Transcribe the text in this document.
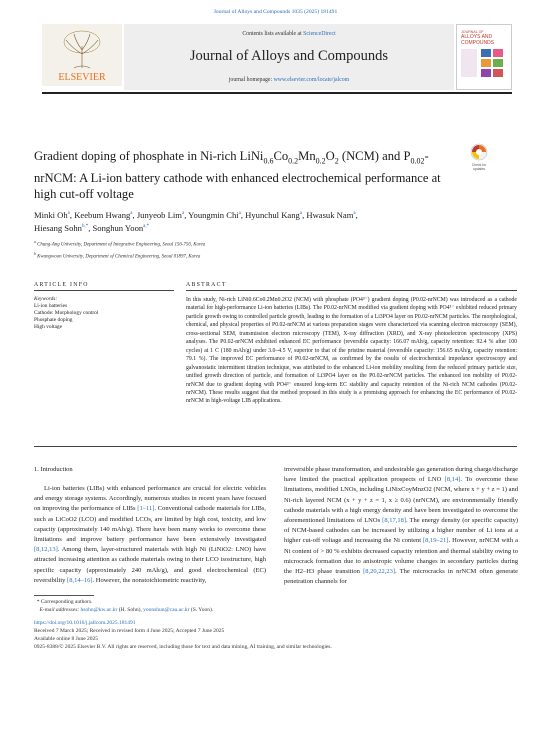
Journal of Alloys and Compounds 1035 (2025) 181491
ELSEVIER
Contents lists available at ScienceDirect
Journal of Alloys and Compounds
journal homepage: www.elsevier.com/locate/jalcom
JOURNAL OF
ALLOYS AND
COMPOUNDS
Gradient doping of phosphate in Ni-rich $LiNi_{0.6}Co_{0.2}Mn_{0.2}O_2$ (NCM) and $P_{0.02}$-nrNCM: A Li-ion battery cathode with enhanced electrochemical performance at high cut-off voltage
Check for
updates
Minki Oh$^a$, Keebum Hwang$^a$, Junyeob Lim$^a$, Youngmin Chi$^a$, Hyunchul Kang$^a$, Hwasuk Nam$^a$,
Hiesang Sohn$^{b,*}$, Songhun Yoon$^{a,*}$
$^a$ Chung-Ang University, Department of Integrative Engineering, Seoul 156-756, Korea
$^b$ Kwangwoon University, Department of Chemical Engineering, Seoul 01897, Korea
ARTICLE INFO	ABSTRACT
Keywords:
Li-ion batteries
Cathode: Morphology control
Phosphate doping
High voltage
In this study, Ni-rich LiNi0.6Co0.2Mn0.2O2 (NCM) with phosphate (PO4³⁻) gradient doping (P0.02-nrNCM) was introduced as a cathode material for high-performance Li-ion batteries (LIBs). The P0.02-nrNCM modified via gradient doping with PO4³⁻ exhibited reduced primary particle growth owing to controlled particle growth, leading to the formation of a Li3PO4 layer on P0.02-nrNCM particles. The morphological, chemical, and physical properties of P0.02-nrNCM at various preparation stages were characterized via scanning electron microscopy (SEM), cross-sectional SEM, transmission electron microscopy (TEM), X-ray diffraction (XRD), and X-ray photoelectron spectroscopy (XPS) analyses. The P0.02-nrNCM exhibited enhanced EC performance (reversible capacity: 166.07 mAh/g, capacity retention: 92.4 % after 100 cycles) at 1 C (180 mAh/g) under 3.0–4.5 V, superior to that of the pristine material (reversible capacity: 156.65 mAh/g, capacity retention: 79.1 %). The improved EC performance of P0.02-nrNCM, as confirmed by the results of electrochemical impedance spectroscopy and galvanostatic intermittent titration technique, was attributed to the enhanced Li-ion mobility resulting from the reduced primary particle size, unified growth direction of particle, and formation of Li3PO4 layer on the P0.02-nrNCM particles. The enhanced ion mobility of P0.02-nrNCM due to gradient doping with PO4³⁻ ensured long-term EC stability and capacity retention of the Ni-rich NCM cathodes (P0.02-nrNCM). These results suggest that the method proposed in this study is a promising approach for enhancing the EC performance of P0.02-nrNCM in high-voltage LIB applications.
1. Introduction
Li-ion batteries (LIBs) with enhanced performance are crucial for electric vehicles and energy storage systems. Accordingly, numerous studies in recent years have focused on improving the performance of LIBs [1–11]. Conventional cathode materials for LIBs, such as LiCoO2 (LCO) and modified LCOs, are limited by high cost, toxicity, and low capacity (approximately 140 mAh/g). There have been many works to overcome these limitations and improve battery performance have been extensively investigated [8,12,13]. Among them, layer-structured materials with high Ni (LiNiO2: LNO) have attracted increasing attention as cathode materials owing to their LCO isostructure, high specific capacity (approximately 240 mAh/g), and good electrochemical (EC) reversibility [8,14–16]. However, the nonstoichiometric reactivity,
irreversible phase transformation, and undesirable gas generation during charge/discharge have limited the practical application prospects of LNO [8,14]. To overcome these limitations, modified LNOs, including LiNixCoyMnzO2 (NCM, where x + y + z = 1) and Ni-rich layered NCM (x + y + z = 1, x ≥ 0.6) (nrNCM), are environmentally friendly cathode materials with a high energy density and have been investigated to overcome the aforementioned limitations of LNOs [8,17,18]. The energy density (or specific capacity) of NCM-based cathodes can be increased by utilizing a higher number of Li ions at a higher cut-off voltage and increasing the Ni content [8,19–21]. However, nrNCM with a Ni content of > 80 % exhibits decreased capacity retention and thermal stability owing to microcrack formation due to anisotropic volume changes in secondary particles during the H2–H3 phase transition [8,20,22,23]. The microcracks in nrNCM often generate penetration channels for
* Corresponding authors.
E-mail addresses: hsohn@kw.ac.kr (H. Sohn), yoonshun@cau.ac.kr (S. Yoon).
https://doi.org/10.1016/j.jallcom.2025.181491
Received 7 March 2025; Received in revised form 4 June 2025; Accepted 7 June 2025
Available online 8 June 2025
0925-8388/© 2025 Elsevier B.V. All rights are reserved, including those for text and data mining, AI training, and similar technologies.
